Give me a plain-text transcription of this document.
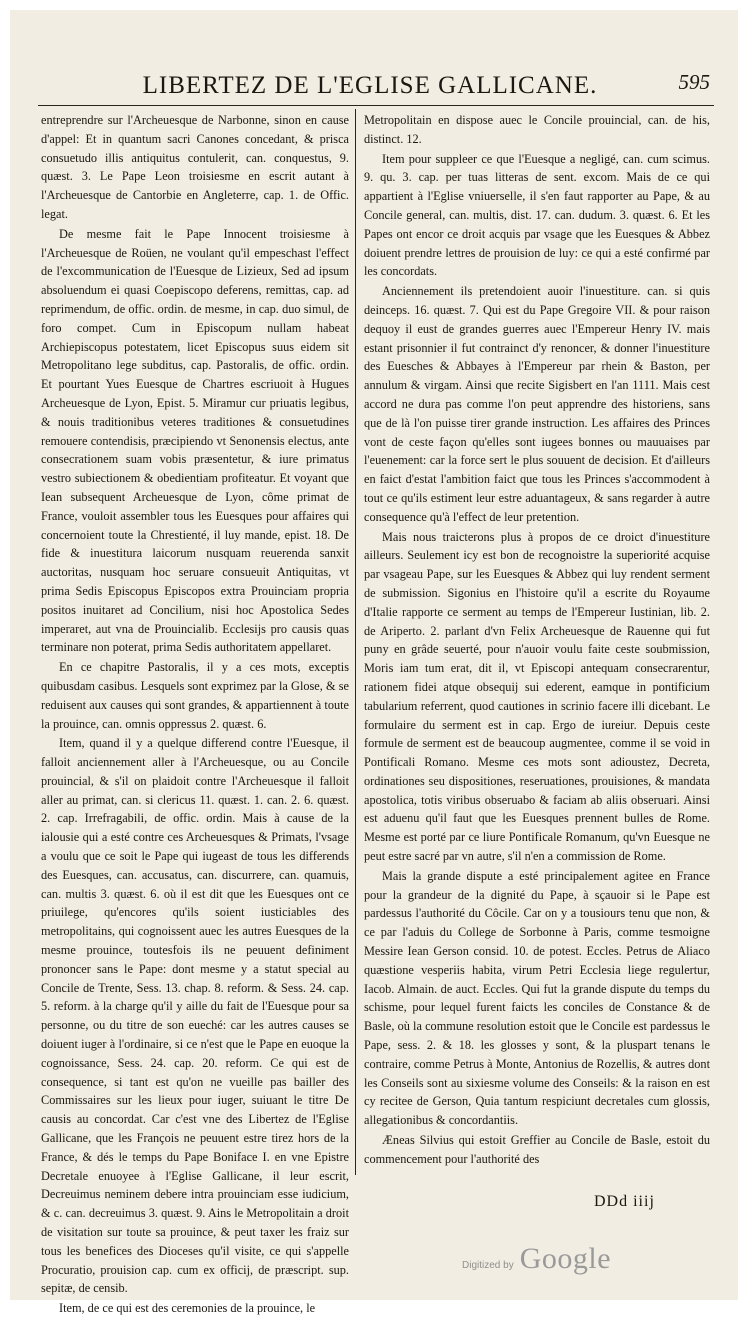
LIBERTEZ DE L'EGLISE GALLICANE.	595

entreprendre sur l'Archeuesque de Narbonne, sinon en cause d'appel: Et in quantum sacri Canones concedant, & prisca consuetudo illis antiquitus contulerit, can. conquestus, 9. quæst. 3. Le Pape Leon troisiesme en escrit autant à l'Archeuesque de Cantorbie en Angleterre, cap. 1. de Offic. legat.

De mesme fait le Pape Innocent troisiesme à l'Archeuesque de Roüen, ne voulant qu'il empeschast l'effect de l'excommunication de l'Euesque de Lizieux, Sed ad ipsum absoluendum ei quasi Coepiscopo deferens, remittas, cap. ad reprimendum, de offic. ordin. de mesme, in cap. duo simul, de foro compet. Cum in Episcopum nullam habeat Archiepiscopus potestatem, licet Episcopus suus eidem sit Metropolitano lege subditus, cap. Pastoralis, de offic. ordin. Et pourtant Yues Euesque de Chartres escriuoit à Hugues Archeuesque de Lyon, Epist. 5. Miramur cur priuatis legibus, & nouis traditionibus veteres traditiones & consuetudines remouere contendisis, præcipiendo vt Senonensis electus, ante consecrationem suam vobis præsentetur, & iure primatus vestro subiectionem & obedientiam profiteatur. Et voyant que Iean subsequent Archeuesque de Lyon, côme primat de France, vouloit assembler tous les Euesques pour affaires qui concernoient toute la Chrestienté, il luy mande, epist. 18. De fide & inuestitura laicorum nusquam reuerenda sanxit auctoritas, nusquam hoc seruare consueuit Antiquitas, vt prima Sedis Episcopus Episcopos extra Prouinciam propria positos inuitaret ad Concilium, nisi hoc Apostolica Sedes imperaret, aut vna de Prouincialib. Ecclesijs pro causis quas terminare non poterat, prima Sedis authoritatem appellaret.

En ce chapitre Pastoralis, il y a ces mots, exceptis quibusdam casibus. Lesquels sont exprimez par la Glose, & se reduisent aux causes qui sont grandes, & appartiennent à toute la prouince, can. omnis oppressus 2. quæst. 6.

Item, quand il y a quelque differend contre l'Euesque, il falloit anciennement aller à l'Archeuesque, ou au Concile prouincial, & s'il on plaidoit contre l'Archeuesque il falloit aller au primat, can. si clericus 11. quæst. 1. can. 2. 6. quæst. 2. cap. Irrefragabili, de offic. ordin. Mais à cause de la ialousie qui a esté contre ces Archeuesques & Primats, l'vsage a voulu que ce soit le Pape qui iugeast de tous les differends des Euesques, can. accusatus, can. discurrere, can. quamuis, can. multis 3. quæst. 6. où il est dit que les Euesques ont ce priuilege, qu'encores qu'ils soient iusticiables des metropolitains, qui cognoissent auec les autres Euesques de la mesme prouince, toutesfois ils ne peuuent definiment prononcer sans le Pape: dont mesme y a statut special au Concile de Trente, Sess. 13. chap. 8. reform. & Sess. 24. cap. 5. reform. à la charge qu'il y aille du fait de l'Euesque pour sa personne, ou du titre de son eueché: car les autres causes se doiuent iuger à l'ordinaire, si ce n'est que le Pape en euoque la cognoissance, Sess. 24. cap. 20. reform. Ce qui est de consequence, si tant est qu'on ne vueille pas bailler des Commissaires sur les lieux pour iuger, suiuant le titre De causis au concordat. Car c'est vne des Libertez de l'Eglise Gallicane, que les François ne peuuent estre tirez hors de la France, & dés le temps du Pape Boniface I. en vne Epistre Decretale enuoyee à l'Eglise Gallicane, il leur escrit, Decreuimus neminem debere intra prouinciam esse iudicium, & c. can. decreuimus 3. quæst. 9. Ains le Metropolitain a droit de visitation sur toute sa prouince, & peut taxer les fraiz sur tous les benefices des Dioceses qu'il visite, ce qui s'appelle Procuratio, prouision cap. cum ex officij, de præscript. sup. sepitæ, de censib.

Item, de ce qui est des ceremonies de la prouince, le

Metropolitain en dispose auec le Concile prouincial, can. de his, distinct. 12.

Item pour suppleer ce que l'Euesque a negligé, can. cum scimus. 9. qu. 3. cap. per tuas litteras de sent. excom. Mais de ce qui appartient à l'Eglise vniuerselle, il s'en faut rapporter au Pape, & au Concile general, can. multis, dist. 17. can. dudum. 3. quæst. 6. Et les Papes ont encor ce droit acquis par vsage que les Euesques & Abbez doiuent prendre lettres de prouision de luy: ce qui a esté confirmé par les concordats.

Anciennement ils pretendoient auoir l'inuestiture. can. si quis deinceps. 16. quæst. 7. Qui est du Pape Gregoire VII. & pour raison dequoy il eust de grandes guerres auec l'Empereur Henry IV. mais estant prisonnier il fut contrainct d'y renoncer, & donner l'inuestiture des Euesches & Abbayes à l'Empereur par rhein & Baston, per annulum & virgam. Ainsi que recite Sigisbert en l'an 1111. Mais cest accord ne dura pas comme l'on peut apprendre des historiens, sans que de là l'on puisse tirer grande instruction. Les affaires des Princes vont de ceste façon qu'elles sont iugees bonnes ou mauuaises par l'euenement: car la force sert le plus souuent de decision. Et d'ailleurs en faict d'estat l'ambition faict que tous les Princes s'accommodent à tout ce qu'ils estiment leur estre aduantageux, & sans regarder à autre consequence qu'à l'effect de leur pretention.

Mais nous traicterons plus à propos de ce droict d'inuestiture ailleurs. Seulement icy est bon de recognoistre la superiorité acquise par vsageau Pape, sur les Euesques & Abbez qui luy rendent serment de submission. Sigonius en l'histoire qu'il a escrite du Royaume d'Italie rapporte ce serment au temps de l'Empereur Iustinian, lib. 2. de Ariperto. 2. parlant d'vn Felix Archeuesque de Rauenne qui fut puny en grâde seuerté, pour n'auoir voulu faite ceste soubmission, Moris iam tum erat, dit il, vt Episcopi antequam consecrarentur, rationem fidei atque obsequij sui ederent, eamque in pontificium tabularium referrent, quod cautiones in scrinio facere illi dicebant. Le formulaire du serment est in cap. Ergo de iureiur. Depuis ceste formule de serment est de beaucoup augmentee, comme il se void in Pontificali Romano. Mesme ces mots sont adioustez, Decreta, ordinationes seu dispositiones, reseruationes, prouisiones, & mandata apostolica, totis viribus obseruabo & faciam ab aliis obseruari. Ainsi est aduenu qu'il faut que les Euesques prennent bulles de Rome. Mesme est porté par ce liure Pontificale Romanum, qu'vn Euesque ne peut estre sacré par vn autre, s'il n'en a commission de Rome.

Mais la grande dispute a esté principalement agitee en France pour la grandeur de la dignité du Pape, à sçauoir si le Pape est pardessus l'authorité du Côcile. Car on y a tousiours tenu que non, & ce par l'aduis du College de Sorbonne à Paris, comme tesmoigne Messire Iean Gerson consid. 10. de potest. Eccles. Petrus de Aliaco quæstione vesperiis habita, virum Petri Ecclesia liege regulertur, Iacob. Almain. de auct. Eccles. Qui fut la grande dispute du temps du schisme, pour lequel furent faicts les conciles de Constance & de Basle, où la commune resolution estoit que le Concile est pardessus le Pape, sess. 2. & 18. les glosses y sont, & la pluspart tenans le contraire, comme Petrus à Monte, Antonius de Rozellis, & autres dont les Conseils sont au sixiesme volume des Conseils: & la raison en est cy recitee de Gerson, Quia tantum respiciunt decretales cum glossis, allegationibus & concordantiis.

Æneas Silvius qui estoit Greffier au Concile de Basle, estoit du commencement pour l'authorité des

DDd iiij
Digitized by Google
